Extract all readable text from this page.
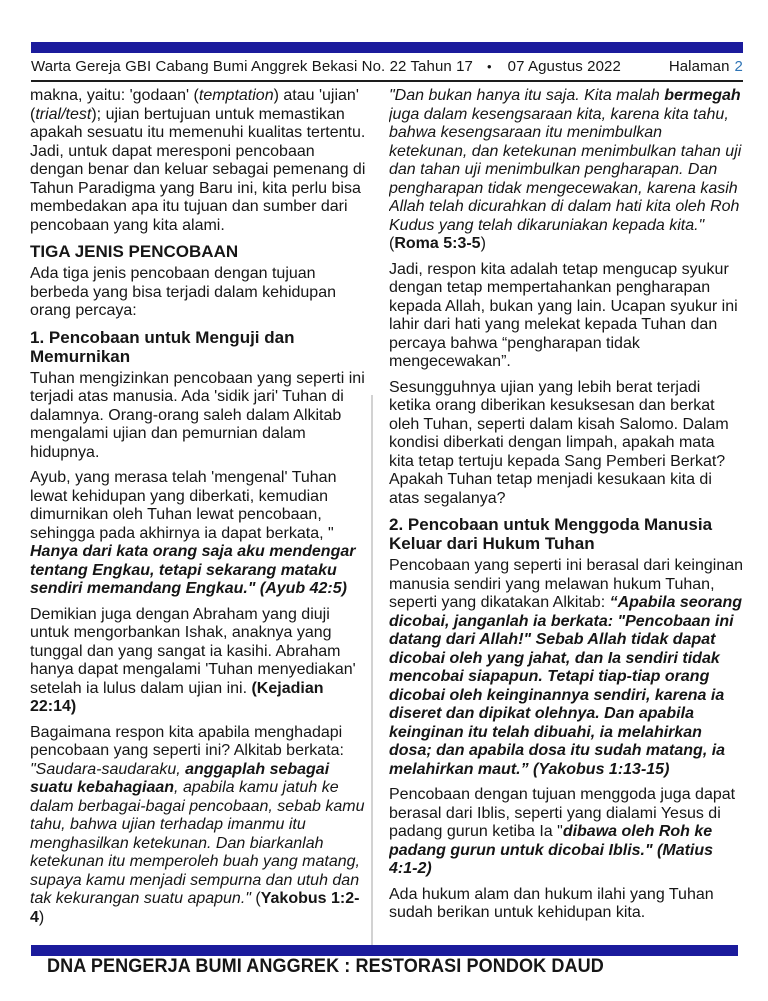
Warta Gereja GBI Cabang Bumi Anggrek Bekasi No. 22 Tahun 17 • 07 Agustus 2022	Halaman 2

makna, yaitu: 'godaan' (temptation) atau 'ujian' (trial/test); ujian bertujuan untuk memastikan apakah sesuatu itu memenuhi kualitas tertentu. Jadi, untuk dapat meresponi pencobaan dengan benar dan keluar sebagai pemenang di Tahun Paradigma yang Baru ini, kita perlu bisa membedakan apa itu tujuan dan sumber dari pencobaan yang kita alami.

TIGA JENIS PENCOBAAN

Ada tiga jenis pencobaan dengan tujuan berbeda yang bisa terjadi dalam kehidupan orang percaya:

1. Pencobaan untuk Menguji dan Memurnikan

Tuhan mengizinkan pencobaan yang seperti ini terjadi atas manusia. Ada 'sidik jari' Tuhan di dalamnya. Orang-orang saleh dalam Alkitab mengalami ujian dan pemurnian dalam hidupnya.

Ayub, yang merasa telah 'mengenal' Tuhan lewat kehidupan yang diberkati, kemudian dimurnikan oleh Tuhan lewat pencobaan, sehingga pada akhirnya ia dapat berkata, " Hanya dari kata orang saja aku mendengar tentang Engkau, tetapi sekarang mataku sendiri memandang Engkau." (Ayub 42:5)

Demikian juga dengan Abraham yang diuji untuk mengorbankan Ishak, anaknya yang tunggal dan yang sangat ia kasihi. Abraham hanya dapat mengalami 'Tuhan menyediakan' setelah ia lulus dalam ujian ini. (Kejadian 22:14)

Bagaimana respon kita apabila menghadapi pencobaan yang seperti ini? Alkitab berkata: "Saudara-saudaraku, anggaplah sebagai suatu kebahagiaan, apabila kamu jatuh ke dalam berbagai-bagai pencobaan, sebab kamu tahu, bahwa ujian terhadap imanmu itu menghasilkan ketekunan. Dan biarkanlah ketekunan itu memperoleh buah yang matang, supaya kamu menjadi sempurna dan utuh dan tak kekurangan suatu apapun." (Yakobus 1:2-4)

"Dan bukan hanya itu saja. Kita malah bermegah juga dalam kesengsaraan kita, karena kita tahu, bahwa kesengsaraan itu menimbulkan ketekunan, dan ketekunan menimbulkan tahan uji dan tahan uji menimbulkan pengharapan. Dan pengharapan tidak mengecewakan, karena kasih Allah telah dicurahkan di dalam hati kita oleh Roh Kudus yang telah dikaruniakan kepada kita." (Roma 5:3-5)

Jadi, respon kita adalah tetap mengucap syukur dengan tetap mempertahankan pengharapan kepada Allah, bukan yang lain. Ucapan syukur ini lahir dari hati yang melekat kepada Tuhan dan percaya bahwa “pengharapan tidak mengecewakan”.

Sesungguhnya ujian yang lebih berat terjadi ketika orang diberikan kesuksesan dan berkat oleh Tuhan, seperti dalam kisah Salomo. Dalam kondisi diberkati dengan limpah, apakah mata kita tetap tertuju kepada Sang Pemberi Berkat? Apakah Tuhan tetap menjadi kesukaan kita di atas segalanya?

2. Pencobaan untuk Menggoda Manusia Keluar dari Hukum Tuhan

Pencobaan yang seperti ini berasal dari keinginan manusia sendiri yang melawan hukum Tuhan, seperti yang dikatakan Alkitab: “Apabila seorang dicobai, janganlah ia berkata: "Pencobaan ini datang dari Allah!" Sebab Allah tidak dapat dicobai oleh yang jahat, dan Ia sendiri tidak mencobai siapapun. Tetapi tiap-tiap orang dicobai oleh keinginannya sendiri, karena ia diseret dan dipikat olehnya. Dan apabila keinginan itu telah dibuahi, ia melahirkan dosa; dan apabila dosa itu sudah matang, ia melahirkan maut.” (Yakobus 1:13-15)

Pencobaan dengan tujuan menggoda juga dapat berasal dari Iblis, seperti yang dialami Yesus di padang gurun ketiba Ia "dibawa oleh Roh ke padang gurun untuk dicobai Iblis." (Matius 4:1-2)

Ada hukum alam dan hukum ilahi yang Tuhan sudah berikan untuk kehidupan kita.

DNA PENGERJA BUMI ANGGREK : RESTORASI PONDOK DAUD
